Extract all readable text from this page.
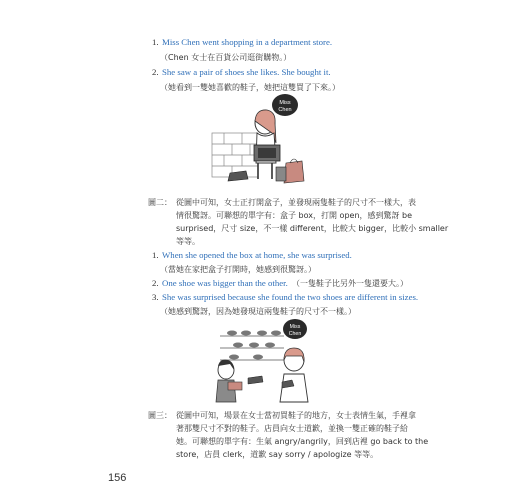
1. Miss Chen went shopping in a department store.
（Chen 女士在百貨公司逛街購物。）
2. She saw a pair of shoes she likes. She bought it.
（她看到一雙她喜歡的鞋子，她把這雙買了下來。）
Miss
Chen
圖二： 從圖中可知，女士正打開盒子，並發現兩隻鞋子的尺寸不一樣大，表
情很驚訝。可聯想的單字有：盒子 box，打開 open，感到驚訝 be
surprised，尺寸 size，不一樣 different，比較大 bigger，比較小 smaller
等等。
1. When she opened the box at home, she was surprised.
（當她在家把盒子打開時，她感到很驚訝。）
2. One shoe was bigger than the other. （一隻鞋子比另外一隻還要大。）
3. She was surprised because she found the two shoes are different in sizes.
（她感到驚訝，因為她發現這兩隻鞋子的尺寸不一樣。）
Miss
Chen
圖三： 從圖中可知，場景在女士當初買鞋子的地方，女士表情生氣，手裡拿
著那雙尺寸不對的鞋子。店員向女士道歉，並換一雙正確的鞋子給
她。可聯想的單字有：生氣 angry/angrily，回到店裡 go back to the
store，店員 clerk，道歉 say sorry / apologize 等等。
156
